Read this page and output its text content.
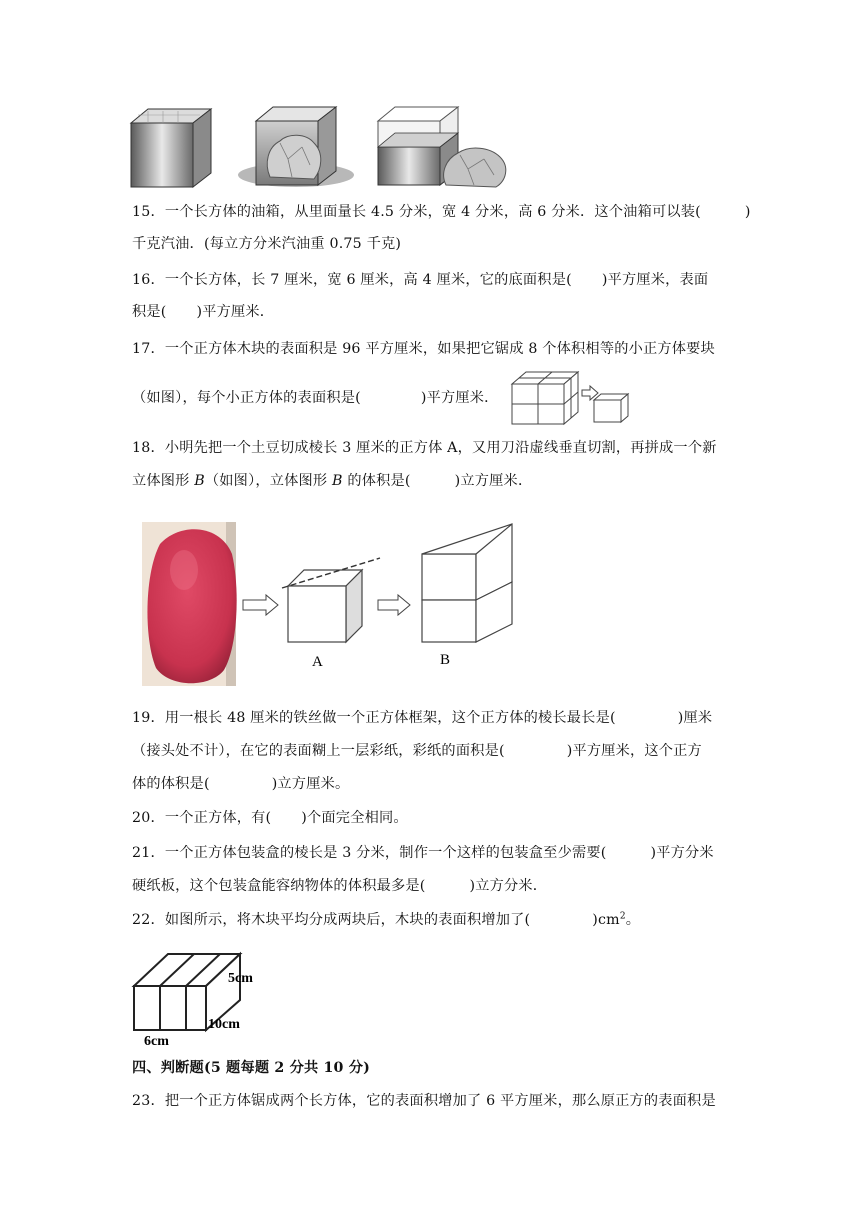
15．一个长方体的油箱，从里面量长 4.5 分米，宽 4 分米，高 6 分米．这个油箱可以装(	)
千克汽油．(每立方分米汽油重 0.75 千克)
16．一个长方体，长 7 厘米，宽 6 厘米，高 4 厘米，它的底面积是( )平方厘米，表面
积是( )平方厘米．
17．一个正方体木块的表面积是 96 平方厘米，如果把它锯成 8 个体积相等的小正方体要块
（如图），每个小正方体的表面积是(	)平方厘米．
18．小明先把一个土豆切成棱长 3 厘米的正方体 A，又用刀沿虚线垂直切割，再拼成一个新
立体图形 B（如图），立体图形 B 的体积是(	)立方厘米．
A	B
19．用一根长 48 厘米的铁丝做一个正方体框架，这个正方体的棱长最长是(	)厘米
（接头处不计），在它的表面糊上一层彩纸，彩纸的面积是(	)平方厘米，这个正方
体的体积是(	)立方厘米。
20．一个正方体，有( )个面完全相同。
21．一个正方体包装盒的棱长是 3 分米，制作一个这样的包装盒至少需要(	)平方分米
硬纸板，这个包装盒能容纳物体的体积最多是(	)立方分米．
22．如图所示，将木块平均分成两块后，木块的表面积增加了(	)$cm^2$。
5cm
10cm
6cm
四、判断题(5 题每题 2 分共 10 分)
23．把一个正方体锯成两个长方体，它的表面积增加了 6 平方厘米，那么原正方的表面积是
